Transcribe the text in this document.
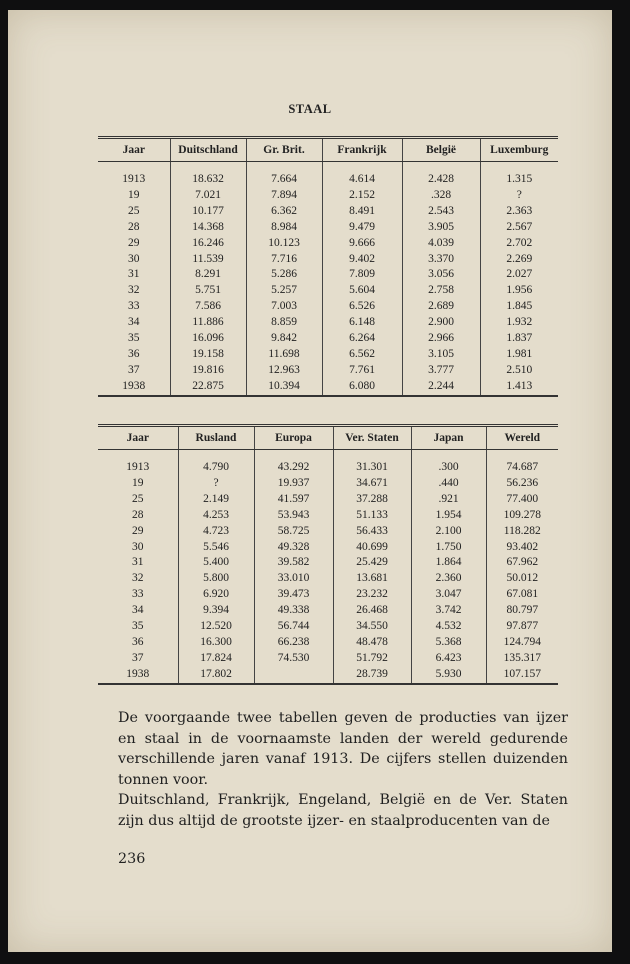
STAAL
Jaar	Duitschland	Gr. Brit.	Frankrijk	België	Luxemburg
1913	18.632	7.664	4.614	2.428	1.315
19	7.021	7.894	2.152	.328	?
25	10.177	6.362	8.491	2.543	2.363
28	14.368	8.984	9.479	3.905	2.567
29	16.246	10.123	9.666	4.039	2.702
30	11.539	7.716	9.402	3.370	2.269
31	8.291	5.286	7.809	3.056	2.027
32	5.751	5.257	5.604	2.758	1.956
33	7.586	7.003	6.526	2.689	1.845
34	11.886	8.859	6.148	2.900	1.932
35	16.096	9.842	6.264	2.966	1.837
36	19.158	11.698	6.562	3.105	1.981
37	19.816	12.963	7.761	3.777	2.510
1938	22.875	10.394	6.080	2.244	1.413
Jaar	Rusland	Europa	Ver. Staten	Japan	Wereld
1913	4.790	43.292	31.301	.300	74.687
19	?	19.937	34.671	.440	56.236
25	2.149	41.597	37.288	.921	77.400
28	4.253	53.943	51.133	1.954	109.278
29	4.723	58.725	56.433	2.100	118.282
30	5.546	49.328	40.699	1.750	93.402
31	5.400	39.582	25.429	1.864	67.962
32	5.800	33.010	13.681	2.360	50.012
33	6.920	39.473	23.232	3.047	67.081
34	9.394	49.338	26.468	3.742	80.797
35	12.520	56.744	34.550	4.532	97.877
36	16.300	66.238	48.478	5.368	124.794
37	17.824	74.530	51.792	6.423	135.317
1938	17.802		28.739	5.930	107.157

De voorgaande twee tabellen geven de producties van ijzer en staal in de voornaamste landen der wereld gedurende verschillende jaren vanaf 1913. De cijfers stellen duizenden tonnen voor.

Duitschland, Frankrijk, Engeland, België en de Ver. Staten zijn dus altijd de grootste ijzer- en staalproducenten van de

236
